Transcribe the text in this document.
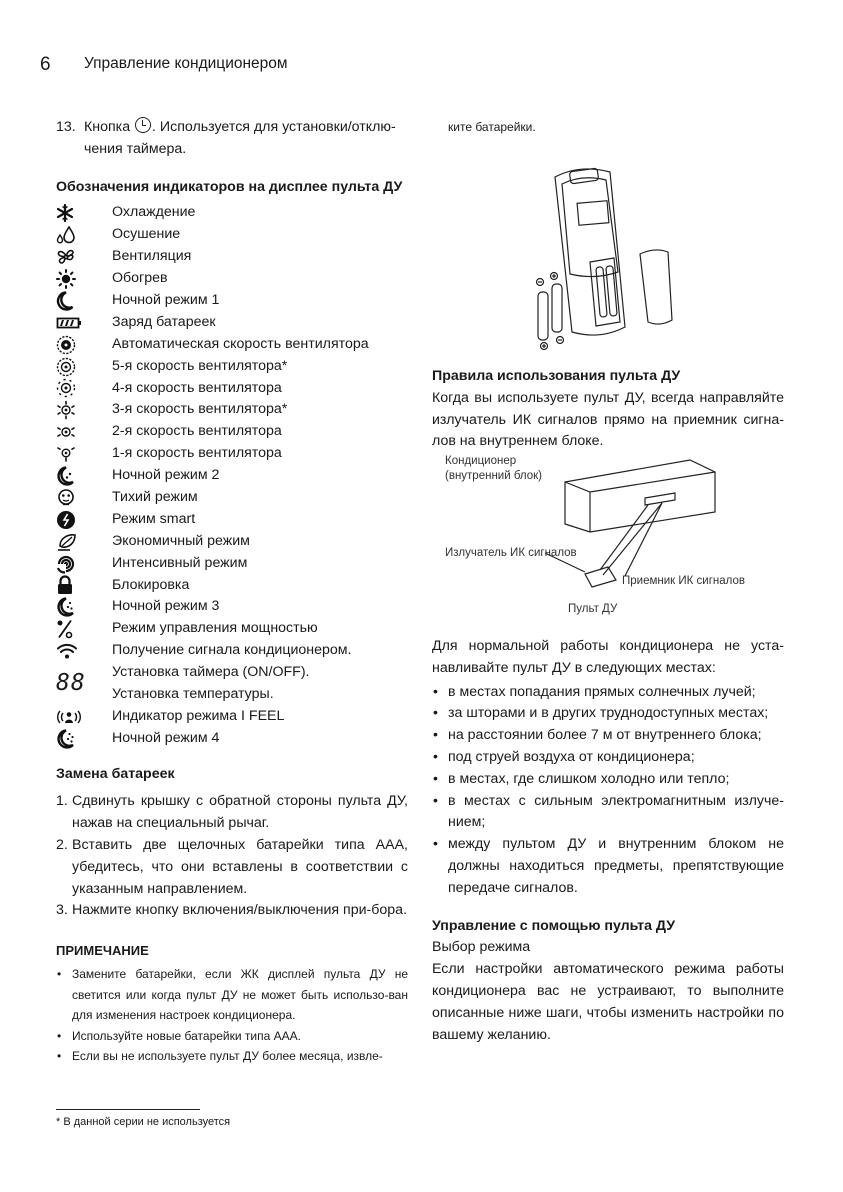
6 Управление кондиционером
13. Кнопка . Используется для установки/отклю-
чения таймера.
Обозначения индикаторов на дисплее пульта ДУ
Охлаждение
Осушение
Вентиляция
Обогрев
Ночной режим 1
Заряд батареек
Автоматическая скорость вентилятора
5-я скорость вентилятора*
4-я скорость вентилятора
3-я скорость вентилятора*
2-я скорость вентилятора
1-я скорость вентилятора
Ночной режим 2
Тихий режим
Режим smart
Экономичный режим
Интенсивный режим
Блокировка
Ночной режим 3
Режим управления мощностью
Получение сигнала кондиционером.
88 Установка таймера (ON/OFF).
Установка температуры.
Индикатор режима I FEEL
Ночной режим 4
Замена батареек
1. Сдвинуть крышку с обратной стороны пульта ДУ, нажав на специальный рычаг.
2. Вставить две щелочных батарейки типа AAA, убедитесь, что они вставлены в соответствии с указанным направлением.
3. Нажмите кнопку включения/выключения при-бора.
ПРИМЕЧАНИЕ
• Замените батарейки, если ЖК дисплей пульта ДУ не светится или когда пульт ДУ не может быть использо-ван для изменения настроек кондиционера.
• Используйте новые батарейки типа AAA.
• Если вы не используете пульт ДУ более месяца, извле-
ките батарейки.
Правила использования пульта ДУ
Когда вы используете пульт ДУ, всегда направляйте излучатель ИК сигналов прямо на приемник сигна-лов на внутреннем блоке.
Кондиционер
(внутренний блок)
Излучатель ИК сигналов
Приемник ИК сигналов
Пульт ДУ
Для нормальной работы кондиционера не уста-навливайте пульт ДУ в следующих местах:
• в местах попадания прямых солнечных лучей;
• за шторами и в других труднодоступных местах;
• на расстоянии более 7 м от внутреннего блока;
• под струей воздуха от кондиционера;
• в местах, где слишком холодно или тепло;
• в местах с сильным электромагнитным излуче-нием;
• между пультом ДУ и внутренним блоком не должны находиться предметы, препятствующие передаче сигналов.
Управление с помощью пульта ДУ
Выбор режима
Если настройки автоматического режима работы кондиционера вас не устраивают, то выполните описанные ниже шаги, чтобы изменить настройки по вашему желанию.
* В данной серии не используется
